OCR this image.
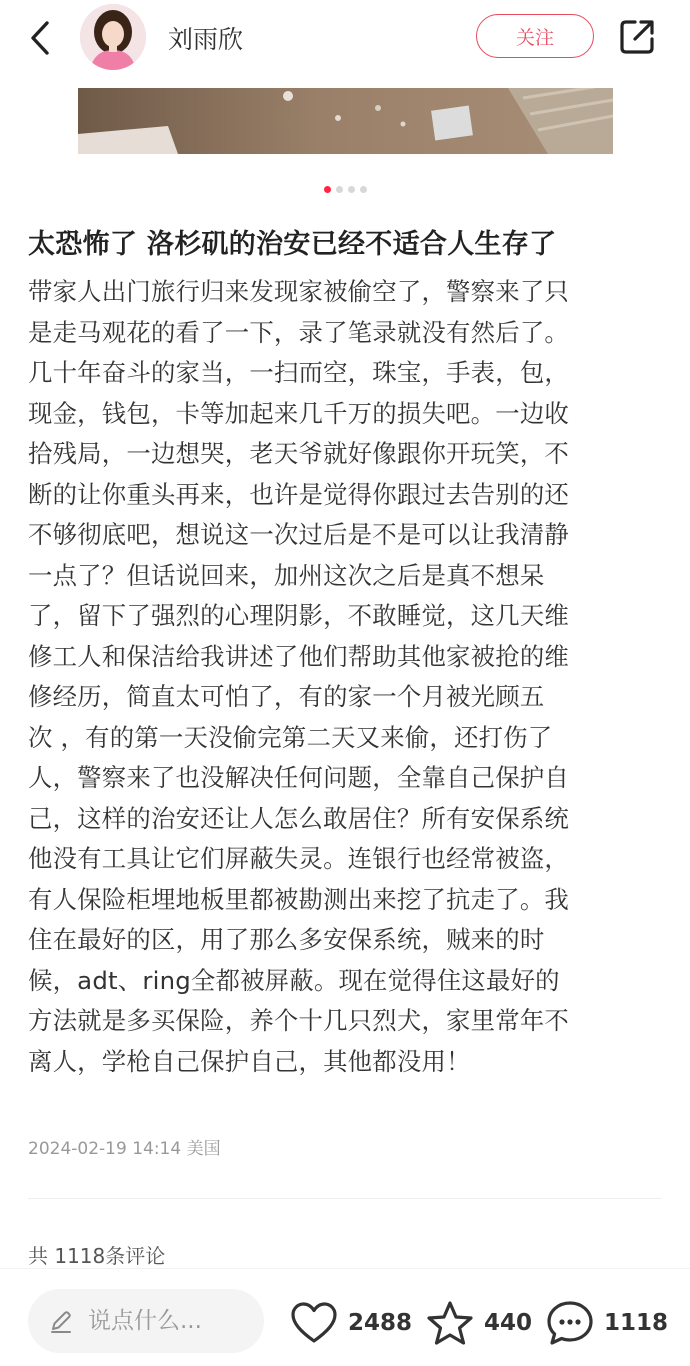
刘雨欣	关注
太恐怖了 洛杉矶的治安已经不适合人生存了
带家人出门旅行归来发现家被偷空了，警察来了只
是走马观花的看了一下，录了笔录就没有然后了。
几十年奋斗的家当，一扫而空，珠宝，手表，包，
现金，钱包，卡等加起来几千万的损失吧。一边收
拾残局，一边想哭，老天爷就好像跟你开玩笑，不
断的让你重头再来，也许是觉得你跟过去告别的还
不够彻底吧，想说这一次过后是不是可以让我清静
一点了？但话说回来，加州这次之后是真不想呆
了，留下了强烈的心理阴影，不敢睡觉，这几天维
修工人和保洁给我讲述了他们帮助其他家被抢的维
修经历，简直太可怕了，有的家一个月被光顾五
次 ，有的第一天没偷完第二天又来偷，还打伤了
人，警察来了也没解决任何问题，全靠自己保护自
己，这样的治安还让人怎么敢居住？所有安保系统
他没有工具让它们屏蔽失灵。连银行也经常被盗，
有人保险柜埋地板里都被勘测出来挖了抗走了。我
住在最好的区，用了那么多安保系统，贼来的时
候，adt、ring全都被屏蔽。现在觉得住这最好的
方法就是多买保险，养个十几只烈犬，家里常年不
离人，学枪自己保护自己，其他都没用！
2024-02-19 14:14 美国
共 1118条评论
说点什么...
2488	440	1118
